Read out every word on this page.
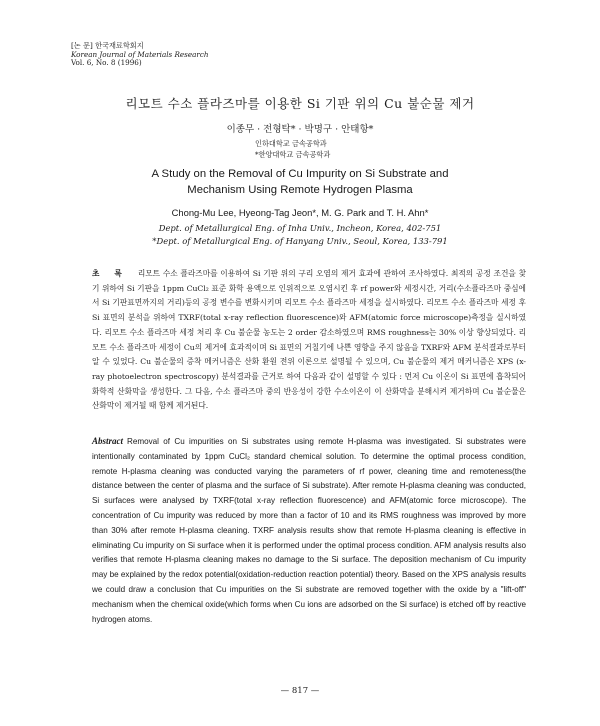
[논 문] 한국재료학회지
Korean Journal of Materials Research
Vol. 6, No. 8 (1996)
리모트 수소 플라즈마를 이용한 Si 기판 위의 Cu 불순물 제거
이종무 · 전형탁* · 박명구 · 안태항*
인하대학교 금속공학과
*한양대학교 금속공학과
A Study on the Removal of Cu Impurity on Si Substrate and
Mechanism Using Remote Hydrogen Plasma
Chong-Mu Lee, Hyeong-Tag Jeon*, M. G. Park and T. H. Ahn*
Dept. of Metallurgical Eng. of Inha Univ., Incheon, Korea, 402-751
*Dept. of Metallurgical Eng. of Hanyang Univ., Seoul, Korea, 133-791
초 록 리모트 수소 플라즈마를 이용하여 Si 기판 위의 구리 오염의 제거 효과에 관하여 조사하였다. 최적의 공정 조건을 찾기 위하여 Si 기판을 1ppm CuCl₂ 표준 화학 용액으로 인위적으로 오염시킨 후 rf power와 세정시간, 거리(수소플라즈마 중심에서 Si 기판표면까지의 거리)등의 공정 변수를 변화시키며 리모트 수소 플라즈마 세정을 실시하였다. 리모트 수소 플라즈마 세정 후 Si 표면의 분석을 위하여 TXRF(total x-ray reflection fluorescence)와 AFM(atomic force microscope)측정을 실시하였다. 리모트 수소 플라즈마 세정 처리 후 Cu 불순물 농도는 2 order 감소하였으며 RMS roughness는 30% 이상 향상되었다. 리모트 수소 플라즈마 세정이 Cu의 제거에 효과적이며 Si 표면의 거칠기에 나쁜 영향을 주지 않음을 TXRF와 AFM 분석결과로부터 알 수 있었다. Cu 불순물의 증착 메커니즘은 산화 환원 전위 이론으로 설명될 수 있으며, Cu 불순물의 제거 메커니즘은 XPS (x-ray photoelectron spectroscopy) 분석결과를 근거로 하여 다음과 같이 설명할 수 있다 : 먼저 Cu 이온이 Si 표면에 흡착되어 화학적 산화막을 생성한다. 그 다음, 수소 플라즈마 중의 반응성이 강한 수소이온이 이 산화막을 분해시켜 제거하며 Cu 불순물은 산화막이 제거될 때 함께 제거된다.
Abstract Removal of Cu impurities on Si substrates using remote H-plasma was investigated. Si substrates were intentionally contaminated by 1ppm CuCl₂ standard chemical solution. To determine the optimal process condition, remote H-plasma cleaning was conducted varying the parameters of rf power, cleaning time and remoteness(the distance between the center of plasma and the surface of Si substrate). After remote H-plasma cleaning was conducted, Si surfaces were analysed by TXRF(total x-ray reflection fluorescence) and AFM(atomic force microscope). The concentration of Cu impurity was reduced by more than a factor of 10 and its RMS roughness was improved by more than 30% after remote H-plasma cleaning. TXRF analysis results show that remote H-plasma cleaning is effective in eliminating Cu impurity on Si surface when it is performed under the optimal process condition. AFM analysis results also verifies that remote H-plasma cleaning makes no damage to the Si surface. The deposition mechanism of Cu impurity may be explained by the redox potential(oxidation-reduction reaction potential) theory. Based on the XPS analysis results we could draw a conclusion that Cu impurities on the Si substrate are removed together with the oxide by a "lift-off" mechanism when the chemical oxide(which forms when Cu ions are adsorbed on the Si surface) is etched off by reactive hydrogen atoms.
— 817 —
